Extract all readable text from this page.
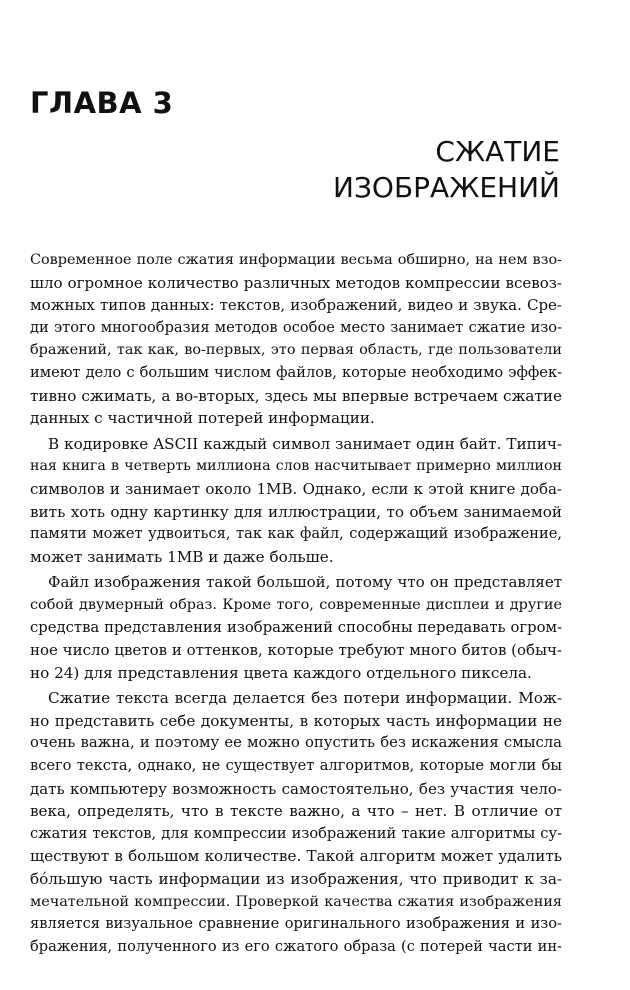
ГЛАВА 3
СЖАТИЕ
ИЗОБРАЖЕНИЙ

Современное поле сжатия информации весьма обширно, на нем взо-
шло огромное количество различных методов компрессии всевоз-
можных типов данных: текстов, изображений, видео и звука. Сре-
ди этого многообразия методов особое место занимает сжатие изо-
бражений, так как, во-первых, это первая область, где пользователи
имеют дело с большим числом файлов, которые необходимо эффек-
тивно сжимать, а во-вторых, здесь мы впервые встречаем сжатие
данных с частичной потерей информации.

В кодировке ASCII каждый символ занимает один байт. Типич-
ная книга в четверть миллиона слов насчитывает примерно миллион
символов и занимает около 1MB. Однако, если к этой книге доба-
вить хоть одну картинку для иллюстрации, то объем занимаемой
памяти может удвоиться, так как файл, содержащий изображение,
может занимать 1MB и даже больше.

Файл изображения такой большой, потому что он представляет
собой двумерный образ. Кроме того, современные дисплеи и другие
средства представления изображений способны передавать огром-
ное число цветов и оттенков, которые требуют много битов (обыч-
но 24) для представления цвета каждого отдельного пиксела.

Сжатие текста всегда делается без потери информации. Мож-
но представить себе документы, в которых часть информации не
очень важна, и поэтому ее можно опустить без искажения смысла
всего текста, однако, не существует алгоритмов, которые могли бы
дать компьютеру возможность самостоятельно, без участия чело-
века, определять, что в тексте важно, а что – нет. В отличие от
сжатия текстов, для компрессии изображений такие алгоритмы су-
ществуют в большом количестве. Такой алгоритм может удалить
бóльшую часть информации из изображения, что приводит к за-
мечательной компрессии. Проверкой качества сжатия изображения
является визуальное сравнение оригинального изображения и изо-
бражения, полученного из его сжатого образа (с потерей части ин-
